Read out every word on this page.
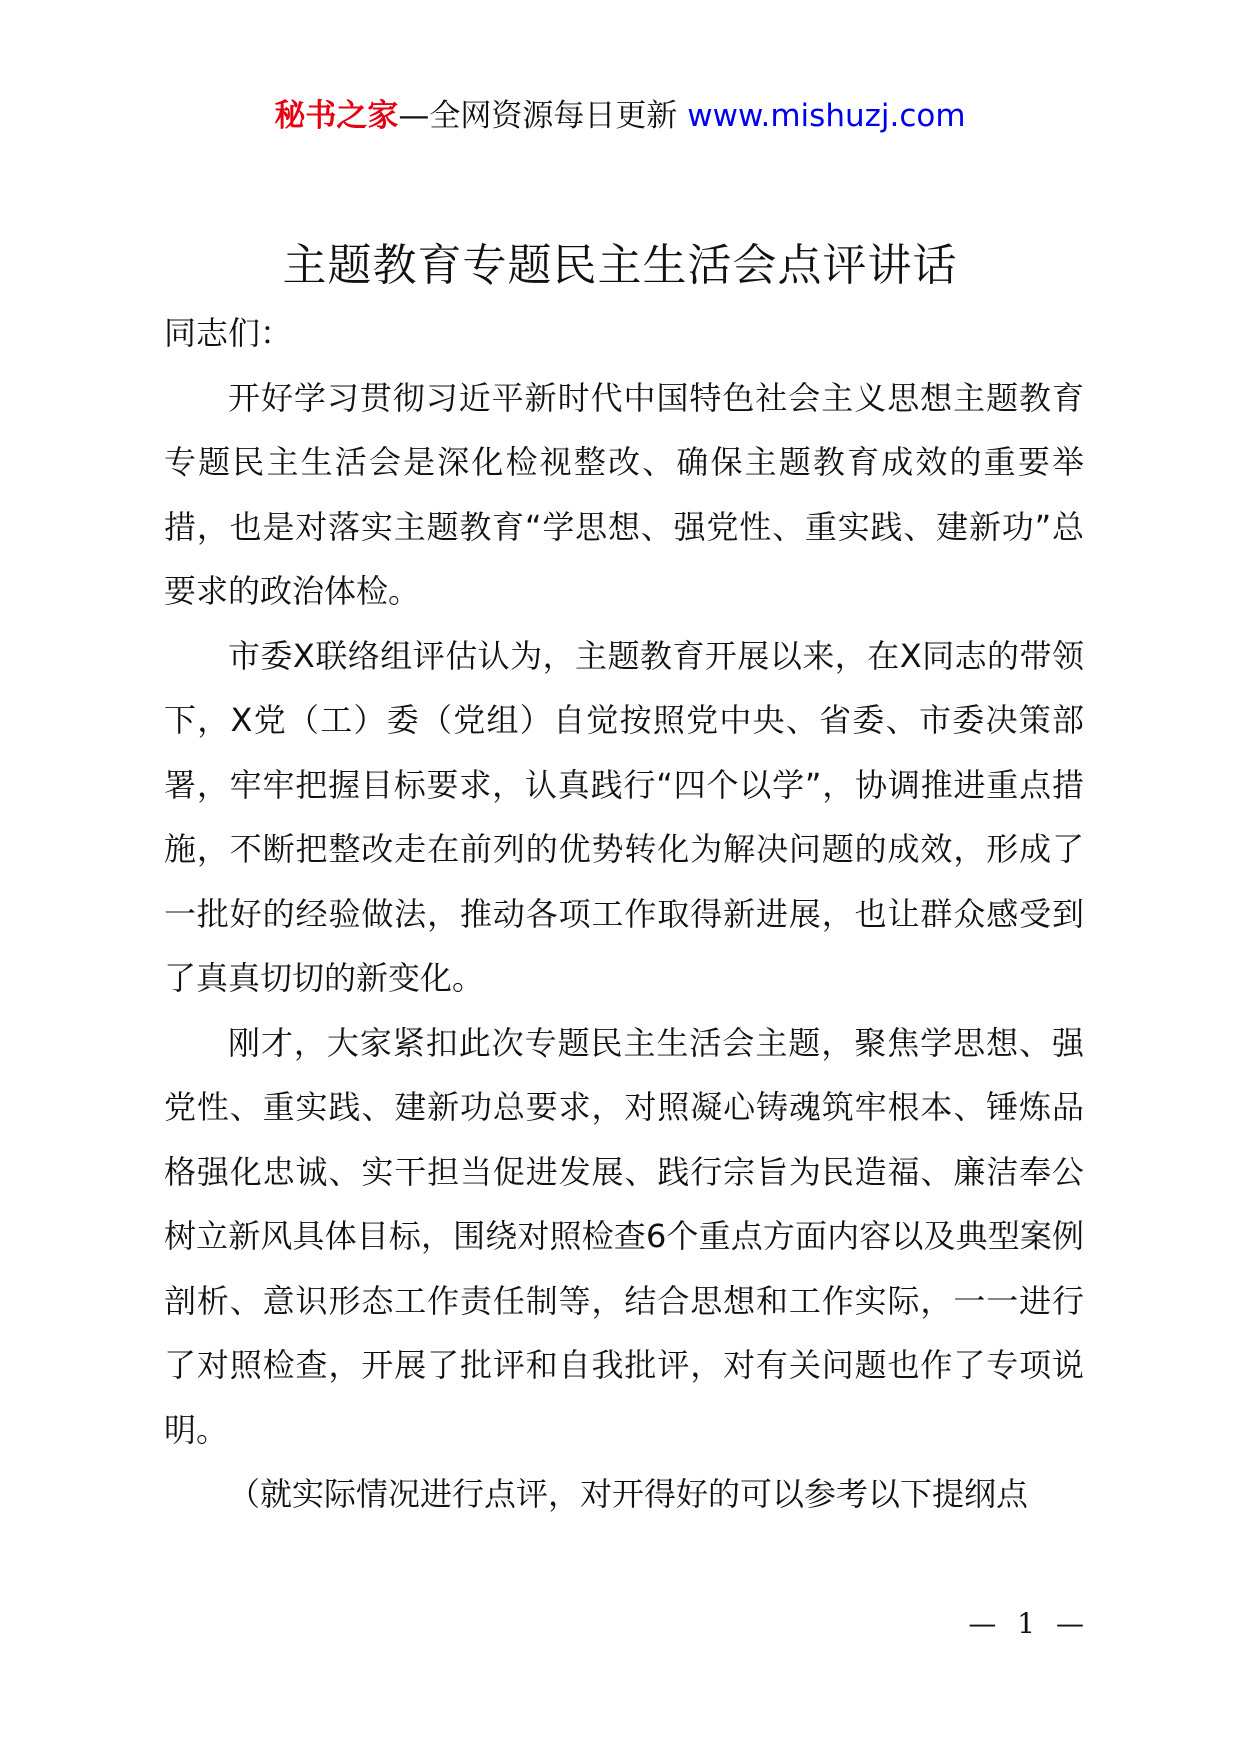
秘书之家—全网资源每日更新 www.mishuzj.com
主题教育专题民主生活会点评讲话

同志们：

开好学习贯彻习近平新时代中国特色社会主义思想主题教育专题民主生活会是深化检视整改、确保主题教育成效的重要举措，也是对落实主题教育“学思想、强党性、重实践、建新功”总要求的政治体检。

市委X联络组评估认为，主题教育开展以来，在X同志的带领下，X党（工）委（党组）自觉按照党中央、省委、市委决策部署，牢牢把握目标要求，认真践行“四个以学”，协调推进重点措施，不断把整改走在前列的优势转化为解决问题的成效，形成了一批好的经验做法，推动各项工作取得新进展，也让群众感受到了真真切切的新变化。

刚才，大家紧扣此次专题民主生活会主题，聚焦学思想、强党性、重实践、建新功总要求，对照凝心铸魂筑牢根本、锤炼品格强化忠诚、实干担当促进发展、践行宗旨为民造福、廉洁奉公树立新风具体目标，围绕对照检查6个重点方面内容以及典型案例剖析、意识形态工作责任制等，结合思想和工作实际，一一进行了对照检查，开展了批评和自我批评，对有关问题也作了专项说明。

（就实际情况进行点评，对开得好的可以参考以下提纲点

— 1 —
